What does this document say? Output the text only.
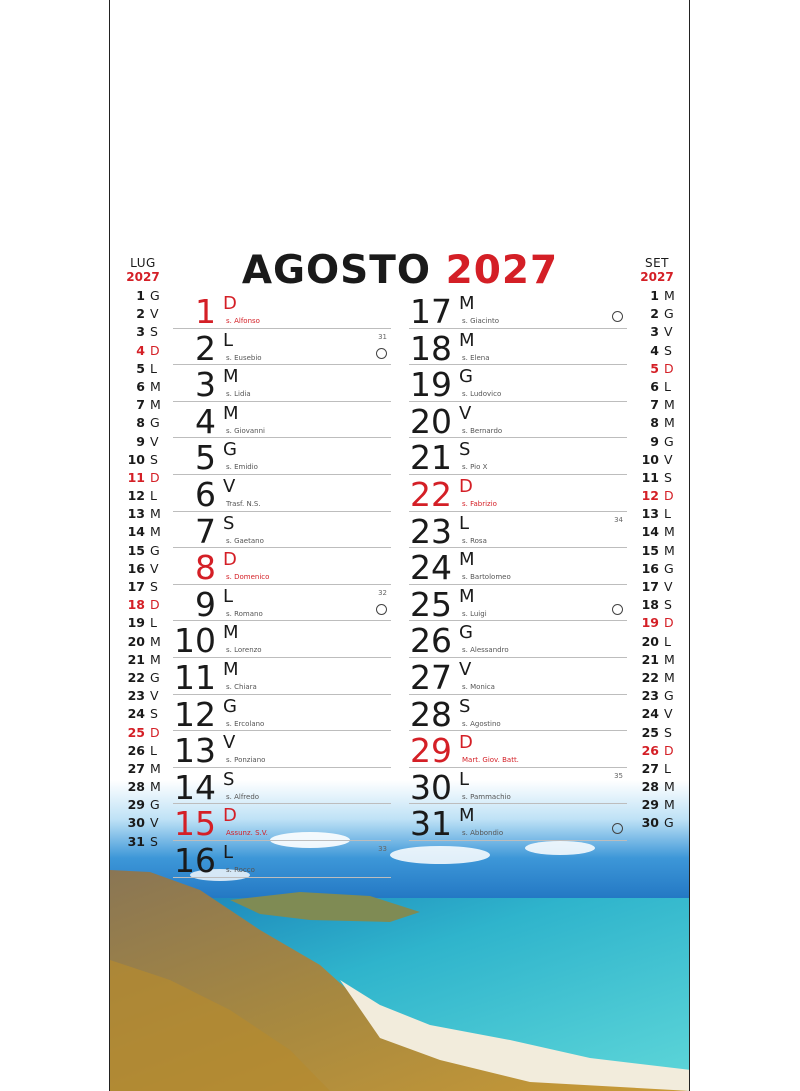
AGOSTO 2027
LUG
2027
1 G
2 V
3 S
4 D
5 L
6 M
7 M
8 G
9 V
10 S
11 D
12 L
13 M
14 M
15 G
16 V
17 S
18 D
19 L
20 M
21 M
22 G
23 V
24 S
25 D
26 L
27 M
28 M
29 G
30 V
31 S
SET
2027
1 M
2 G
3 V
4 S
5 D
6 L
7 M
8 M
9 G
10 V
11 S
12 D
13 L
14 M
15 M
16 G
17 V
18 S
19 D
20 L
21 M
22 M
23 G
24 V
25 S
26 D
27 L
28 M
29 M
30 G
1 D
s. Alfonso
2 L
s. Eusebio
31
3 M
s. Lidia
4 M
s. Giovanni
5 G
s. Emidio
6 V
Trasf. N.S.
7 S
s. Gaetano
8 D
s. Domenico
9 L
s. Romano
32
10 M
s. Lorenzo
11 M
s. Chiara
12 G
s. Ercolano
13 V
s. Ponziano
14 S
s. Alfredo
15 D
Assunz. S.V.
16 L
s. Rocco
33
17 M
s. Giacinto
18 M
s. Elena
19 G
s. Ludovico
20 V
s. Bernardo
21 S
s. Pio X
22 D
s. Fabrizio
23 L
s. Rosa
34
24 M
s. Bartolomeo
25 M
s. Luigi
26 G
s. Alessandro
27 V
s. Monica
28 S
s. Agostino
29 D
Mart. Giov. Batt.
30 L
s. Pammachio
35
31 M
s. Abbondio
